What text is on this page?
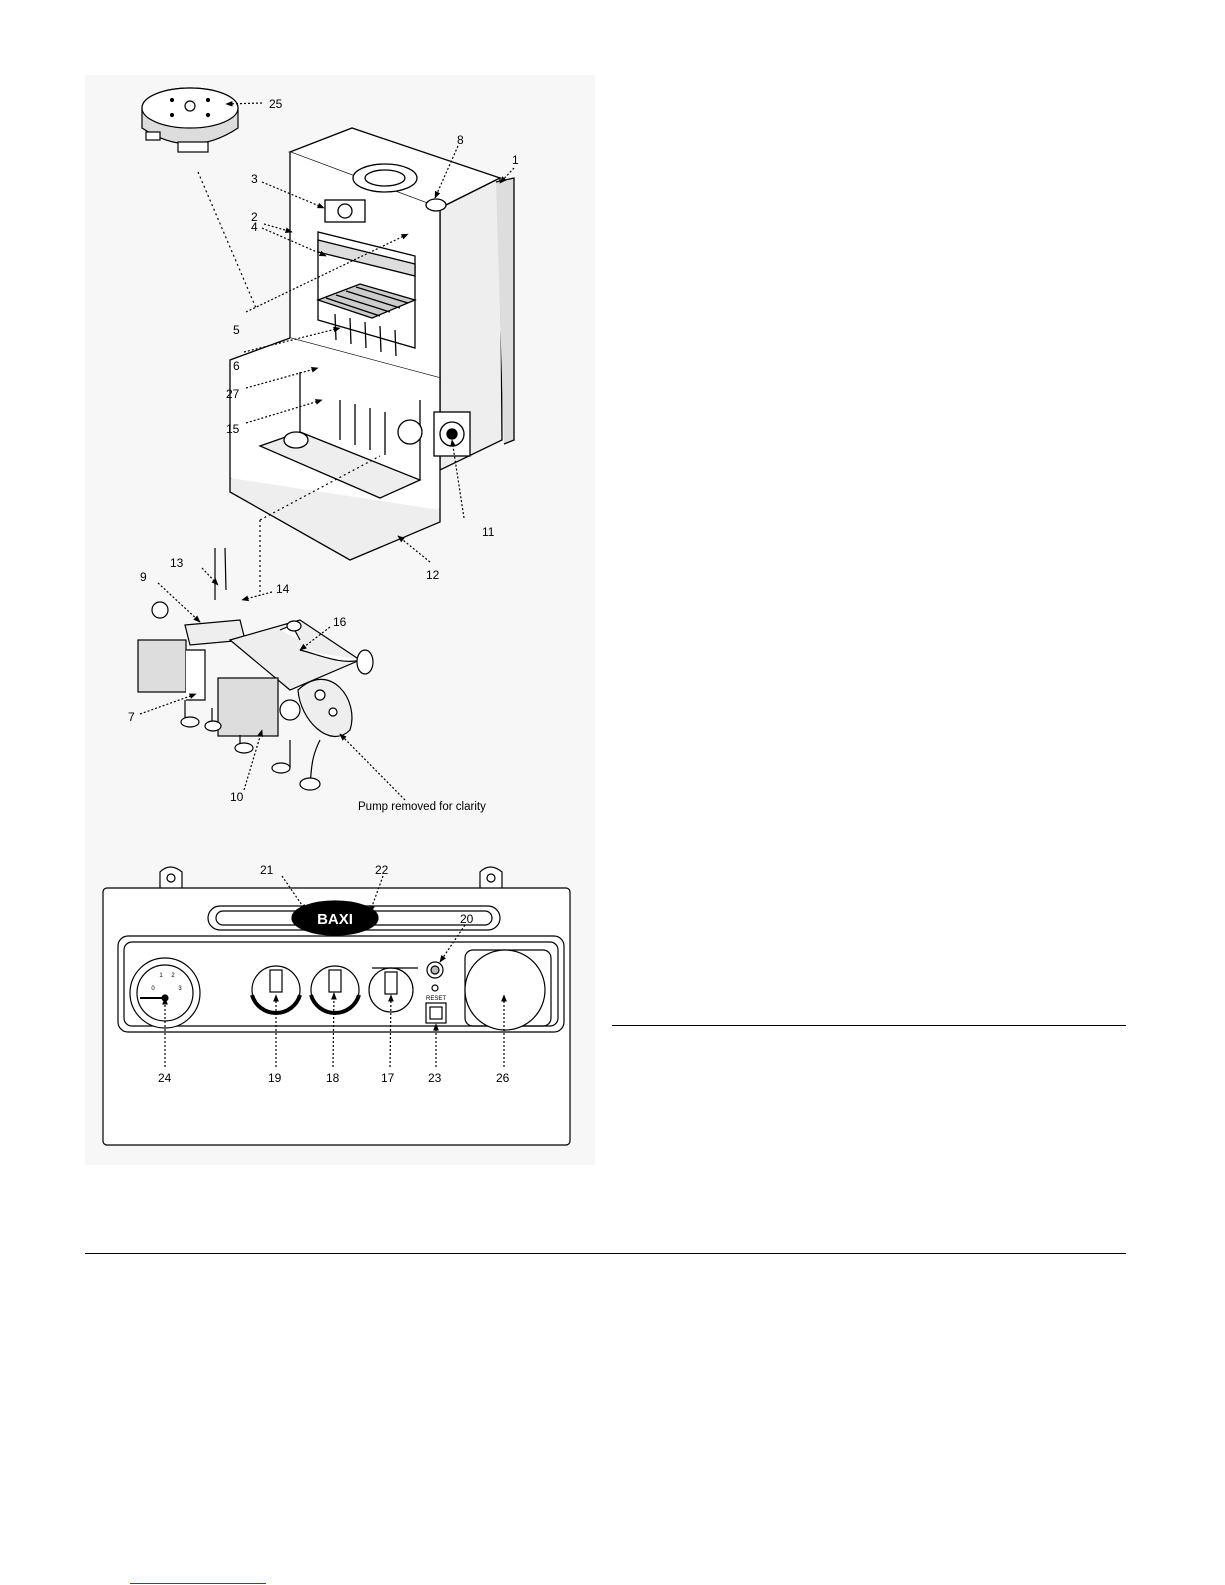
BAXI
RESET
0
1 2
3
25
8
1
3
2
4
5
6
27
15
11
12
13
14
9
16
7
10
21	22
20
24	19	18	17	23	26
Pump removed for clarity
